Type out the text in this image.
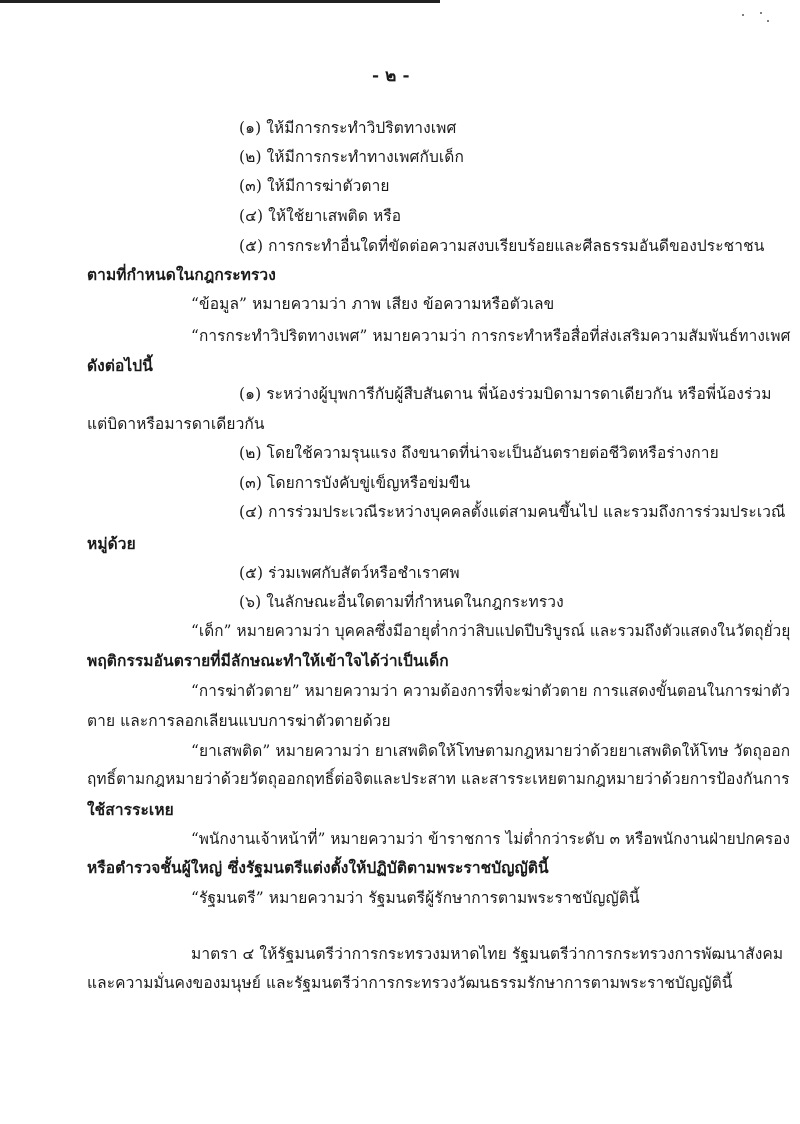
- ๒ -
(๑) ให้มีการกระทำวิปริตทางเพศ
(๒) ให้มีการกระทำทางเพศกับเด็ก
(๓) ให้มีการฆ่าตัวตาย
(๔) ให้ใช้ยาเสพติด หรือ
(๕) การกระทำอื่นใดที่ขัดต่อความสงบเรียบร้อยและศีลธรรมอันดีของประชาชน
ตามที่กำหนดในกฎกระทรวง
“ข้อมูล” หมายความว่า ภาพ เสียง ข้อความหรือตัวเลข
“การกระทำวิปริตทางเพศ” หมายความว่า การกระทำหรือสื่อที่ส่งเสริมความสัมพันธ์ทางเพศ
ดังต่อไปนี้
(๑) ระหว่างผู้บุพการีกับผู้สืบสันดาน พี่น้องร่วมบิดามารดาเดียวกัน หรือพี่น้องร่วม
แต่บิดาหรือมารดาเดียวกัน
(๒) โดยใช้ความรุนแรง ถึงขนาดที่น่าจะเป็นอันตรายต่อชีวิตหรือร่างกาย
(๓) โดยการบังคับขู่เข็ญหรือข่มขืน
(๔) การร่วมประเวณีระหว่างบุคคลตั้งแต่สามคนขึ้นไป และรวมถึงการร่วมประเวณี
หมู่ด้วย
(๕) ร่วมเพศกับสัตว์หรือชำเราศพ
(๖) ในลักษณะอื่นใดตามที่กำหนดในกฎกระทรวง
“เด็ก” หมายความว่า บุคคลซึ่งมีอายุต่ำกว่าสิบแปดปีบริบูรณ์ และรวมถึงตัวแสดงในวัตถุยั่วยุ
พฤติกรรมอันตรายที่มีลักษณะทำให้เข้าใจได้ว่าเป็นเด็ก
“การฆ่าตัวตาย” หมายความว่า ความต้องการที่จะฆ่าตัวตาย การแสดงขั้นตอนในการฆ่าตัว
ตาย และการลอกเลียนแบบการฆ่าตัวตายด้วย
“ยาเสพติด” หมายความว่า ยาเสพติดให้โทษตามกฎหมายว่าด้วยยาเสพติดให้โทษ วัตถุออก
ฤทธิ์ตามกฎหมายว่าด้วยวัตถุออกฤทธิ์ต่อจิตและประสาท และสารระเหยตามกฎหมายว่าด้วยการป้องกันการ
ใช้สารระเหย
“พนักงานเจ้าหน้าที่” หมายความว่า ข้าราชการ ไม่ต่ำกว่าระดับ ๓ หรือพนักงานฝ่ายปกครอง
หรือตำรวจชั้นผู้ใหญ่ ซึ่งรัฐมนตรีแต่งตั้งให้ปฏิบัติตามพระราชบัญญัตินี้
“รัฐมนตรี” หมายความว่า รัฐมนตรีผู้รักษาการตามพระราชบัญญัตินี้
มาตรา ๔ ให้รัฐมนตรีว่าการกระทรวงมหาดไทย รัฐมนตรีว่าการกระทรวงการพัฒนาสังคม
และความมั่นคงของมนุษย์ และรัฐมนตรีว่าการกระทรวงวัฒนธรรมรักษาการตามพระราชบัญญัตินี้
